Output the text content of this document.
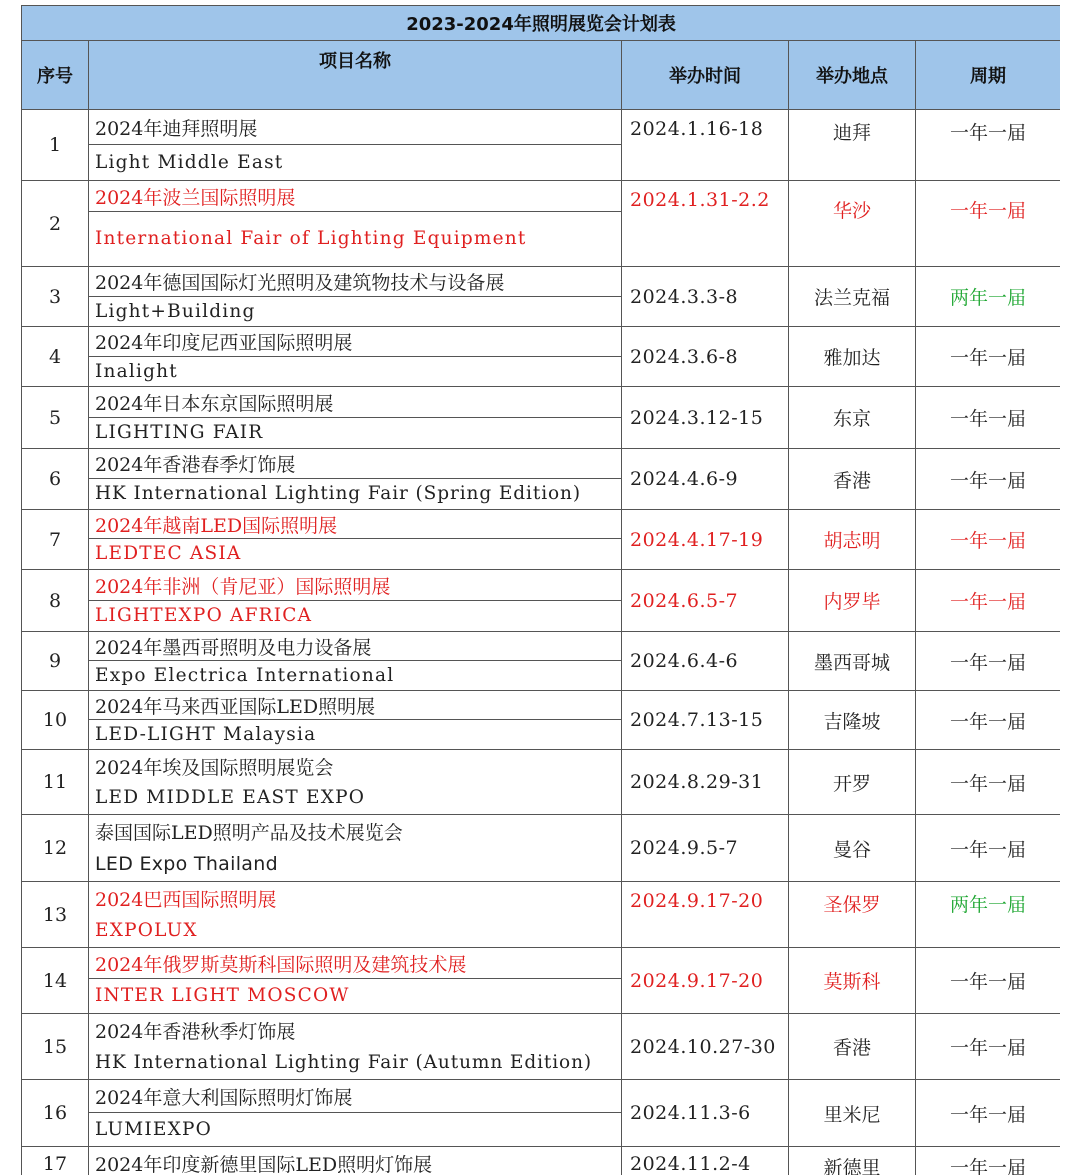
2023-2024年照明展览会计划表				
序号	项目名称	举办时间	举办地点	周期
1	2024年迪拜照明展
Light Middle East	2024.1.16-18	迪拜	一年一届
2	2024年波兰国际照明展
International Fair of Lighting Equipment	2024.1.31-2.2	华沙	一年一届
3	2024年德国国际灯光照明及建筑物技术与设备展
Light+Building	2024.3.3-8	法兰克福	两年一届
4	2024年印度尼西亚国际照明展
Inalight	2024.3.6-8	雅加达	一年一届
5	2024年日本东京国际照明展
LIGHTING FAIR	2024.3.12-15	东京	一年一届
6	2024年香港春季灯饰展
HK International Lighting Fair (Spring Edition)	2024.4.6-9	香港	一年一届
7	2024年越南LED国际照明展
LEDTEC ASIA	2024.4.17-19	胡志明	一年一届
8	2024年非洲（肯尼亚）国际照明展
LIGHTEXPO AFRICA	2024.6.5-7	内罗毕	一年一届
9	2024年墨西哥照明及电力设备展
Expo Electrica International	2024.6.4-6	墨西哥城	一年一届
10	2024年马来西亚国际LED照明展
LED-LIGHT Malaysia	2024.7.13-15	吉隆坡	一年一届
11	2024年埃及国际照明展览会
LED MIDDLE EAST EXPO	2024.8.29-31	开罗	一年一届
12	泰国国际LED照明产品及技术展览会
LED Expo Thailand	2024.9.5-7	曼谷	一年一届
13	2024巴西国际照明展
EXPOLUX	2024.9.17-20	圣保罗	两年一届
14	2024年俄罗斯莫斯科国际照明及建筑技术展
INTER LIGHT MOSCOW	2024.9.17-20	莫斯科	一年一届
15	2024年香港秋季灯饰展
HK International Lighting Fair (Autumn Edition)	2024.10.27-30	香港	一年一届
16	2024年意大利国际照明灯饰展
LUMIEXPO	2024.11.3-6	里米尼	一年一届
17	2024年印度新德里国际LED照明灯饰展	2024.11.2-4	新德里	一年一届
